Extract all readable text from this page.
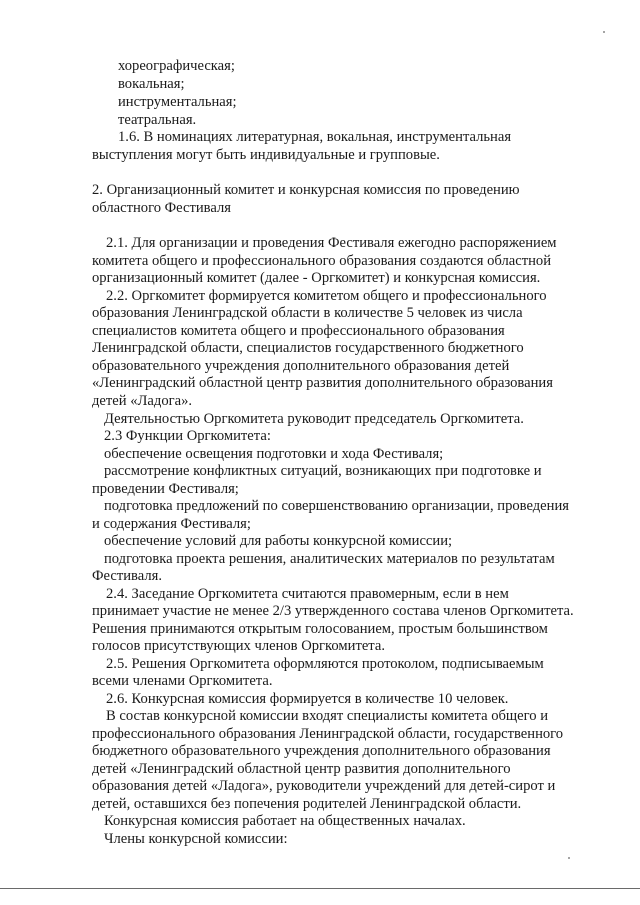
хореографическая;
вокальная;
инструментальная;
театральная.
1.6. В номинациях литературная, вокальная, инструментальная
выступления могут быть индивидуальные и групповые.
2. Организационный комитет и конкурсная комиссия по проведению
областного Фестиваля
2.1. Для организации и проведения Фестиваля ежегодно распоряжением
комитета общего и профессионального образования создаются областной
организационный комитет (далее - Оргкомитет) и конкурсная комиссия.
2.2. Оргкомитет формируется комитетом общего и профессионального
образования Ленинградской области в количестве 5 человек из числа
специалистов комитета общего и профессионального образования
Ленинградской области, специалистов государственного бюджетного
образовательного учреждения дополнительного образования детей
«Ленинградский областной центр развития дополнительного образования
детей «Ладога».
Деятельностью Оргкомитета руководит председатель Оргкомитета.
2.3 Функции Оргкомитета:
обеспечение освещения подготовки и хода Фестиваля;
рассмотрение конфликтных ситуаций, возникающих при подготовке и
проведении Фестиваля;
подготовка предложений по совершенствованию организации, проведения
и содержания Фестиваля;
обеспечение условий для работы конкурсной комиссии;
подготовка проекта решения, аналитических материалов по результатам
Фестиваля.
2.4. Заседание Оргкомитета считаются правомерным, если в нем
принимает участие не менее 2/3 утвержденного состава членов Оргкомитета.
Решения принимаются открытым голосованием, простым большинством
голосов присутствующих членов Оргкомитета.
2.5. Решения Оргкомитета оформляются протоколом, подписываемым
всеми членами Оргкомитета.
2.6. Конкурсная комиссия формируется в количестве 10 человек.
В состав конкурсной комиссии входят специалисты комитета общего и
профессионального образования Ленинградской области, государственного
бюджетного образовательного учреждения дополнительного образования
детей «Ленинградский областной центр развития дополнительного
образования детей «Ладога», руководители учреждений для детей-сирот и
детей, оставшихся без попечения родителей Ленинградской области.
Конкурсная комиссия работает на общественных началах.
Члены конкурсной комиссии:
